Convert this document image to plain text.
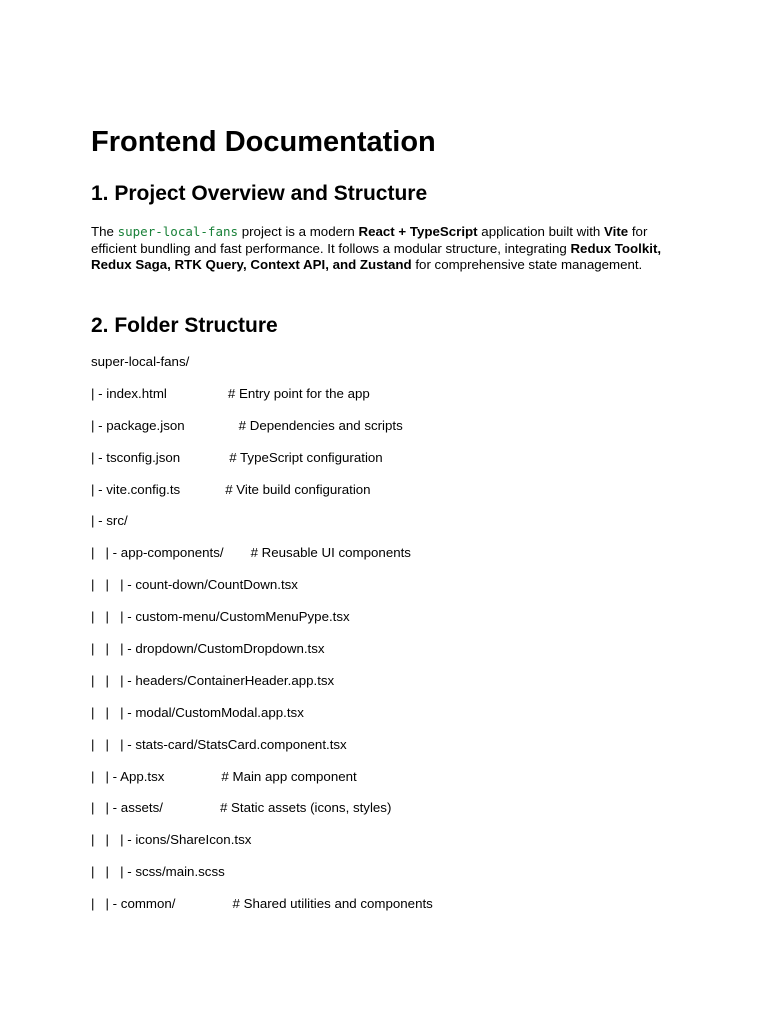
Frontend Documentation
1. Project Overview and Structure

The super-local-fans project is a modern React + TypeScript application built with Vite for efficient bundling and fast performance. It follows a modular structure, integrating Redux Toolkit, Redux Saga, RTK Query, Context API, and Zustand for comprehensive state management.

2. Folder Structure
super-local-fans/
| - index.html	# Entry point for the app
| - package.json	# Dependencies and scripts
| - tsconfig.json	# TypeScript configuration
| - vite.config.ts	# Vite build configuration
| - src/
|   | - app-components/ # Reusable UI components
|   |   | - count-down/CountDown.tsx
|   |   | - custom-menu/CustomMenuPype.tsx
|   |   | - dropdown/CustomDropdown.tsx
|   |   | - headers/ContainerHeader.app.tsx
|   |   | - modal/CustomModal.app.tsx
|   |   | - stats-card/StatsCard.component.tsx
|   | - App.tsx	# Main app component
|   | - assets/	# Static assets (icons, styles)
|   |   | - icons/ShareIcon.tsx
|   |   | - scss/main.scss
|   | - common/	# Shared utilities and components
